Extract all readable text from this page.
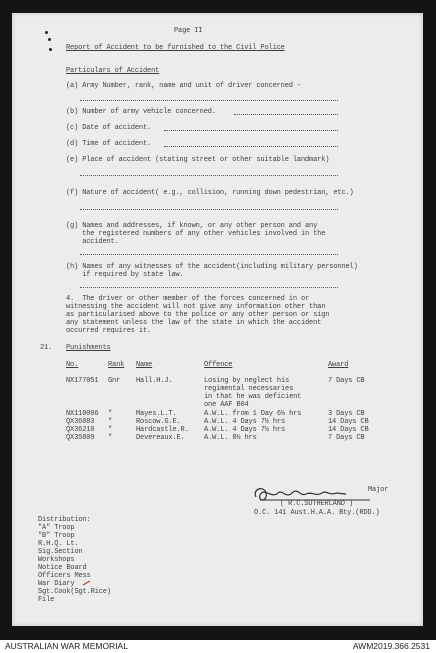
Page II
Report of Accident to be furnished to the Civil Police
Particulars of Accident
(a) Army Number, rank, name and unit of driver concerned -
(b) Number of army vehicle concerned.
(c) Date of accident.
(d) Time of accident.
(e) Place of accident (stating street or other suitable landmark)
(f) Nature of accident( e.g., collision, running down pedestrian, etc.)
(g) Names and addresses, if known, or any other person and any
the registered numbers of any other vehicles involved in the
accident.
(h) Names of any witnesses of the accident(including military personnel)
if required by state law.
4.  The driver or other member of the forces concerned in or
witnessing the accident will not give any information other than
as particularised above to the police or any other person or sign
any statement unless the law of the state in which the accident
occurred requires it.
21. Punishments
No.	Rank Name	Offence	Award
NX177051 Gnr Hall.H.J.	Losing by neglect his
regimental necessaries
in that he was deficient
one AAF B04
7 Days CB
NX110096 "	Mayes.L.T.	A.W.L. from 1 Day 6½ hrs	3 Days CB
QX36083 "	Roscow.G.E.	A.W.L. 4 Days 7½ hrs	14 Days CB
QX36210 "	Hardcastle.R. A.W.L. 4 Days 7½ hrs	14 Days CB
QX35809 "	Devereaux.E.	A.W.L. 8½ hrs	7 Days CB
Major
( R.C.SUTHERLAND )
O.C. 141 Aust.H.A.A. Bty.(RDD.)
Distribution:
"A" Troop
"B" Troop
R.H.Q. Lt.
Sig.Section
Workshops
Notice Board
Officers Mess
War Diary
Sgt.Cook(Sgt.Rice)
File
AUSTRALIAN WAR MEMORIAL	AWM2019.366.2531
